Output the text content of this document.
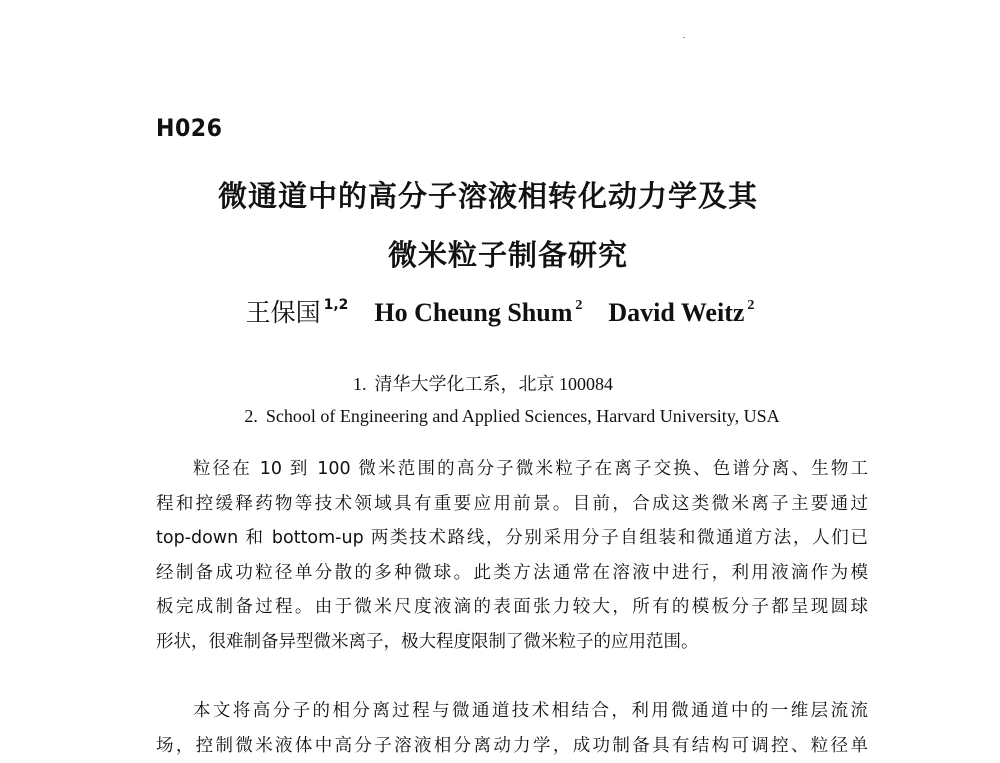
H026
微通道中的高分子溶液相转化动力学及其
微米粒子制备研究
王保国 $^{1,2}$ Ho Cheung Shum $^2$ David Weitz $^2$
1. 清华大学化工系，北京 100084
2. School of Engineering and Applied Sciences, Harvard University, USA
粒径在 10 到 100 微米范围的高分子微米粒子在离子交换、色谱分离、生物工
程和控缓释药物等技术领域具有重要应用前景。目前，合成这类微米离子主要通过
top-down 和 bottom-up 两类技术路线，分别采用分子自组装和微通道方法，人们已
经制备成功粒径单分散的多种微球。此类方法通常在溶液中进行，利用液滴作为模
板完成制备过程。由于微米尺度液滴的表面张力较大，所有的模板分子都呈现圆球
形状，很难制备异型微米离子，极大程度限制了微米粒子的应用范围。
本文将高分子的相分离过程与微通道技术相结合，利用微通道中的一维层流流
场，控制微米液体中高分子溶液相分离动力学，成功制备具有结构可调控、粒径单
